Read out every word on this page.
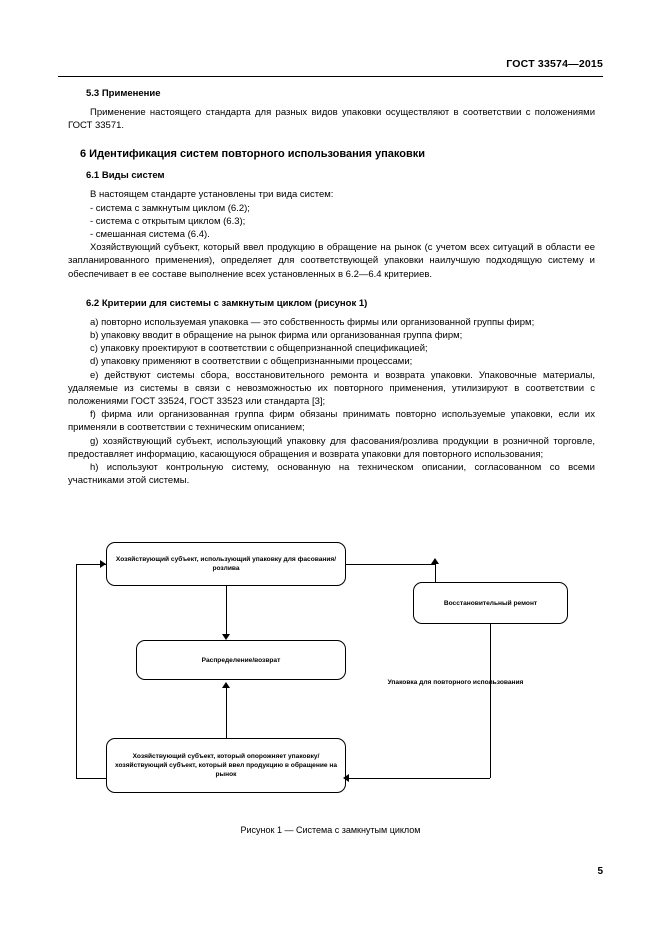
ГОСТ 33574—2015
5.3 Применение

Применение настоящего стандарта для разных видов упаковки осуществляют в соответствии с положениями ГОСТ 33571.

6 Идентификация систем повторного использования упаковки
6.1 Виды систем

В настоящем стандарте установлены три вида систем:

- система с замкнутым циклом (6.2);
- система с открытым циклом (6.3);
- смешанная система (6.4).

Хозяйствующий субъект, который ввел продукцию в обращение на рынок (с учетом всех ситуаций в области ее запланированного применения), определяет для соответствующей упаковки наилучшую подходящую систему и обеспечивает в ее составе выполнение всех установленных в 6.2—6.4 критериев.

6.2 Критерии для системы с замкнутым циклом (рисунок 1)

a) повторно используемая упаковка — это собственность фирмы или организованной группы фирм;

b) упаковку вводит в обращение на рынок фирма или организованная группа фирм;

c) упаковку проектируют в соответствии с общепризнанной спецификацией;

d) упаковку применяют в соответствии с общепризнанными процессами;

e) действуют системы сбора, восстановительного ремонта и возврата упаковки. Упаковочные материалы, удаляемые из системы в связи с невозможностью их повторного применения, утилизируют в соответствии с положениями ГОСТ 33524, ГОСТ 33523 или стандарта [3];

f) фирма или организованная группа фирм обязаны принимать повторно используемые упаковки, если их применяли в соответствии с техническим описанием;

g) хозяйствующий субъект, использующий упаковку для фасования/розлива продукции в розничной торговле, предоставляет информацию, касающуюся обращения и возврата упаковки для повторного использования;

h) используют контрольную систему, основанную на техническом описании, согласованном со всеми участниками этой системы.

Хозяйствующий субъект, использующий упаковку для фасования/розлива
Распределение/возврат
Хозяйствующий субъект, который опорожняет упаковку/хозяйствующий субъект, который ввел продукцию в обращение на рынок
Восстановительный ремонт
Упаковка для повторного использования
Рисунок 1 — Система с замкнутым циклом
5
